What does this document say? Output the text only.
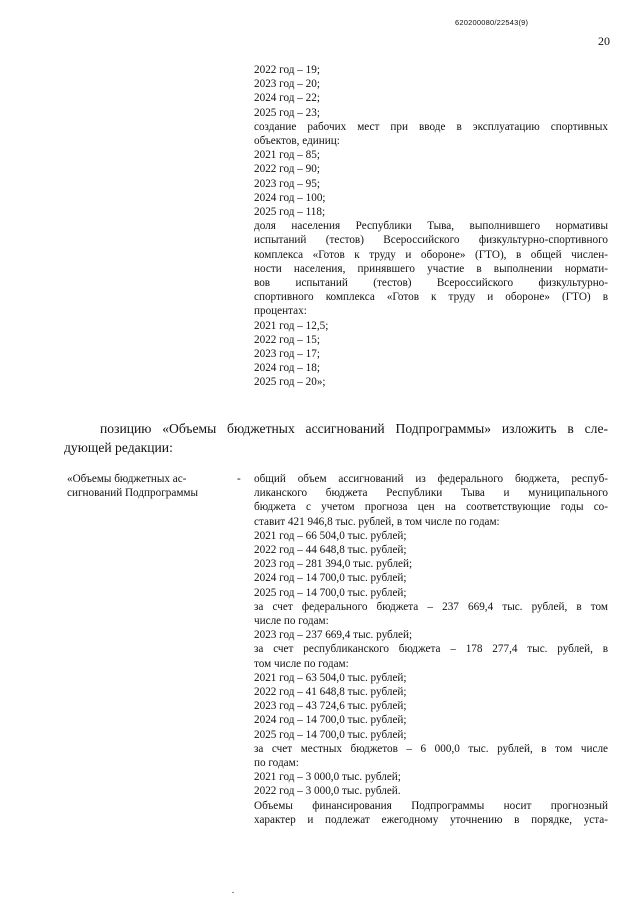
620200080/22543(9)
20
2022 год – 19;
2023 год – 20;
2024 год – 22;
2025 год – 23;
создание рабочих мест при вводе в эксплуатацию спортивных
объектов, единиц:
2021 год – 85;
2022 год – 90;
2023 год – 95;
2024 год – 100;
2025 год – 118;
доля населения Республики Тыва, выполнившего нормативы
испытаний (тестов) Всероссийского физкультурно-спортивного
комплекса «Готов к труду и обороне» (ГТО), в общей числен-
ности населения, принявшего участие в выполнении нормати-
вов испытаний (тестов) Всероссийского физкультурно-
спортивного комплекса «Готов к труду и обороне» (ГТО) в
процентах:
2021 год – 12,5;
2022 год – 15;
2023 год – 17;
2024 год – 18;
2025 год – 20»;
позицию «Объемы бюджетных ассигнований Подпрограммы» изложить в сле-
дующей редакции:
«Объемы бюджетных ас-
сигнований Подпрограммы
- общий объем ассигнований из федерального бюджета, респуб-
ликанского бюджета Республики Тыва и муниципального
бюджета с учетом прогноза цен на соответствующие годы со-
ставит 421 946,8 тыс. рублей, в том числе по годам:
2021 год – 66 504,0 тыс. рублей;
2022 год – 44 648,8 тыс. рублей;
2023 год – 281 394,0 тыс. рублей;
2024 год – 14 700,0 тыс. рублей;
2025 год – 14 700,0 тыс. рублей;
за счет федерального бюджета – 237 669,4 тыс. рублей, в том
числе по годам:
2023 год – 237 669,4 тыс. рублей;
за счет республиканского бюджета – 178 277,4 тыс. рублей, в
том числе по годам:
2021 год – 63 504,0 тыс. рублей;
2022 год – 41 648,8 тыс. рублей;
2023 год – 43 724,6 тыс. рублей;
2024 год – 14 700,0 тыс. рублей;
2025 год – 14 700,0 тыс. рублей;
за счет местных бюджетов – 6 000,0 тыс. рублей, в том числе
по годам:
2021 год – 3 000,0 тыс. рублей;
2022 год – 3 000,0 тыс. рублей.
Объемы финансирования Подпрограммы носит прогнозный
характер и подлежат ежегодному уточнению в порядке, уста-
